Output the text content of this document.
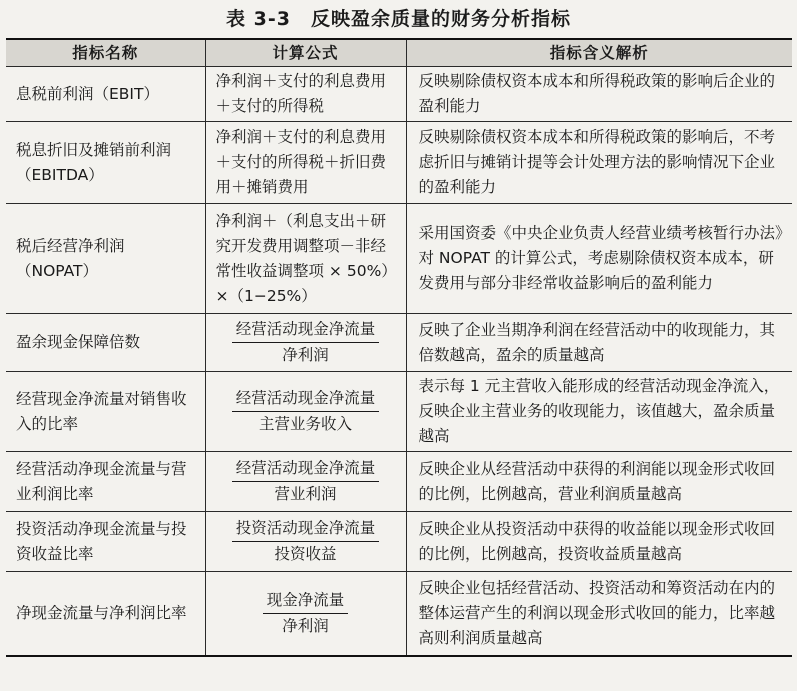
表 3-3　反映盈余质量的财务分析指标
指标名称	计算公式	指标含义解析
息税前利润（EBIT）	净利润＋支付的利息费用＋支付的所得税	反映剔除债权资本成本和所得税政策的影响后企业的盈利能力
税息折旧及摊销前利润（EBITDA）	净利润＋支付的利息费用＋支付的所得税＋折旧费用＋摊销费用	反映剔除债权资本成本和所得税政策的影响后，不考虑折旧与摊销计提等会计处理方法的影响情况下企业的盈利能力
税后经营净利润（NOPAT）	净利润＋（利息支出＋研究开发费用调整项－非经常性收益调整项 × 50%）×（1−25%）	采用国资委《中央企业负责人经营业绩考核暂行办法》对 NOPAT 的计算公式，考虑剔除债权资本成本，研发费用与部分非经常收益影响后的盈利能力
盈余现金保障倍数	$\frac{\text{经营活动现金净流量}}{\text{净利润}}$	反映了企业当期净利润在经营活动中的收现能力，其倍数越高，盈余的质量越高
经营现金净流量对销售收入的比率	$\frac{\text{经营活动现金净流量}}{\text{主营业务收入}}$	表示每 1 元主营收入能形成的经营活动现金净流入，反映企业主营业务的收现能力，该值越大，盈余质量越高
经营活动净现金流量与营业利润比率	$\frac{\text{经营活动现金净流量}}{\text{营业利润}}$	反映企业从经营活动中获得的利润能以现金形式收回的比例，比例越高，营业利润质量越高
投资活动净现金流量与投资收益比率	$\frac{\text{投资活动现金净流量}}{\text{投资收益}}$	反映企业从投资活动中获得的收益能以现金形式收回的比例，比例越高，投资收益质量越高
净现金流量与净利润比率	$\frac{\text{现金净流量}}{\text{净利润}}$	反映企业包括经营活动、投资活动和筹资活动在内的整体运营产生的利润以现金形式收回的能力，比率越高则利润质量越高
